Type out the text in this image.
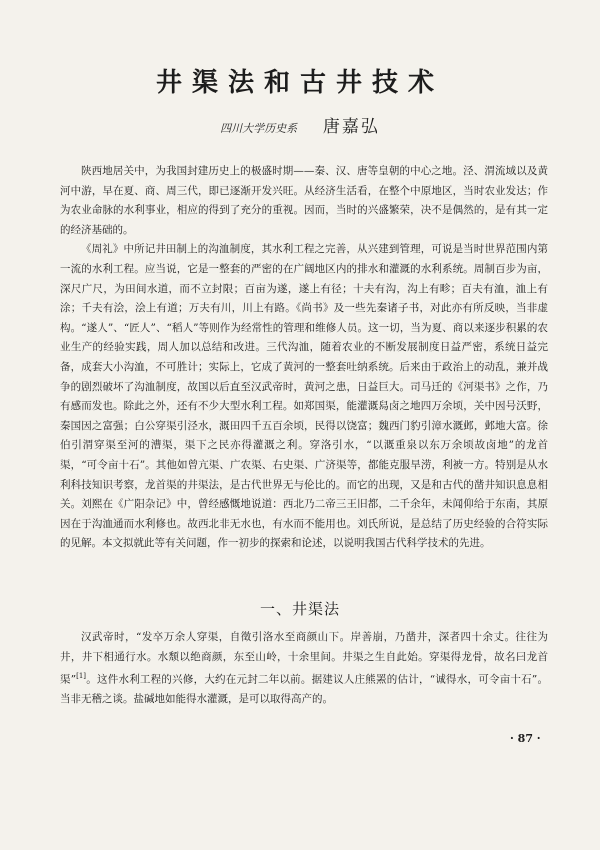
井渠法和古井技术
四川大学历史系 唐嘉弘

陕西地居关中，为我国封建历史上的极盛时期——秦、汉、唐等皇朝的中心之地。泾、渭流域以及黄河中游，早在夏、商、周三代，即已逐渐开发兴旺。从经济生活看，在整个中原地区，当时农业发达；作为农业命脉的水利事业，相应的得到了充分的重视。因而，当时的兴盛繁荣，决不是偶然的，是有其一定的经济基础的。

《周礼》中所记井田制上的沟洫制度，其水利工程之完善，从兴建到管理，可说是当时世界范围内第一流的水利工程。应当说，它是一整套的严密的在广阔地区内的排水和灌溉的水利系统。周制百步为亩，深尺广尺，为田间水道，而不立封限；百亩为遂，遂上有径；十夫有沟，沟上有畛；百夫有洫，洫上有涂；千夫有浍，浍上有道；万夫有川，川上有路。《尚书》及一些先秦诸子书，对此亦有所反映，当非虚构。“遂人”、“匠人”、“稻人”等则作为经常性的管理和维修人员。这一切，当为夏、商以来逐步积累的农业生产的经验实践，周人加以总结和改进。三代沟洫，随着农业的不断发展制度日益严密，系统日益完备，成套大小沟洫，不可胜计；实际上，它成了黄河的一整套吐纳系统。后来由于政治上的动乱，兼并战争的剧烈破坏了沟洫制度，故国以后直至汉武帝时，黄河之患，日益巨大。司马迁的《河渠书》之作，乃有感而发也。除此之外，还有不少大型水利工程。如郑国渠，能灌溉舄卤之地四万余顷，关中因号沃野，秦国因之富强；白公穿渠引泾水，溉田四千五百余顷，民得以饶富；魏西门豹引漳水溉邺，邺地大富。徐伯引渭穿渠至河的漕渠，渠下之民亦得灌溉之利。穿洛引水，“以溉重泉以东万余顷故卤地”的龙首渠，“可令亩十石”。其他如曾亢渠、广农渠、右史渠、广济渠等，都能克服旱涝，利被一方。特别是从水利科技知识考察，龙首渠的井渠法，是古代世界无与伦比的。而它的出现，又是和古代的凿井知识息息相关。刘熙在《广阳杂记》中，曾经感慨地说道：西北乃二帝三王旧都，二千余年，未闻仰给于东南，其原因在于沟洫通而水利修也。故西北非无水也，有水而不能用也。刘氏所说，是总结了历史经验的合符实际的见解。本文拟就此等有关问题，作一初步的探索和论述，以说明我国古代科学技术的先进。

一、井渠法

汉武帝时，“发卒万余人穿渠，自徵引洛水至商颜山下。岸善崩，乃凿井，深者四十余丈。往往为井，井下相通行水。水颓以绝商颜，东至山岭，十余里间。井渠之生自此始。穿渠得龙骨，故名曰龙首渠”[1]。这件水利工程的兴修，大约在元封二年以前。据建议人庄熊罴的估计，“诚得水，可令亩十石”。当非无稽之谈。盐碱地如能得水灌溉，是可以取得高产的。

· 87 ·
